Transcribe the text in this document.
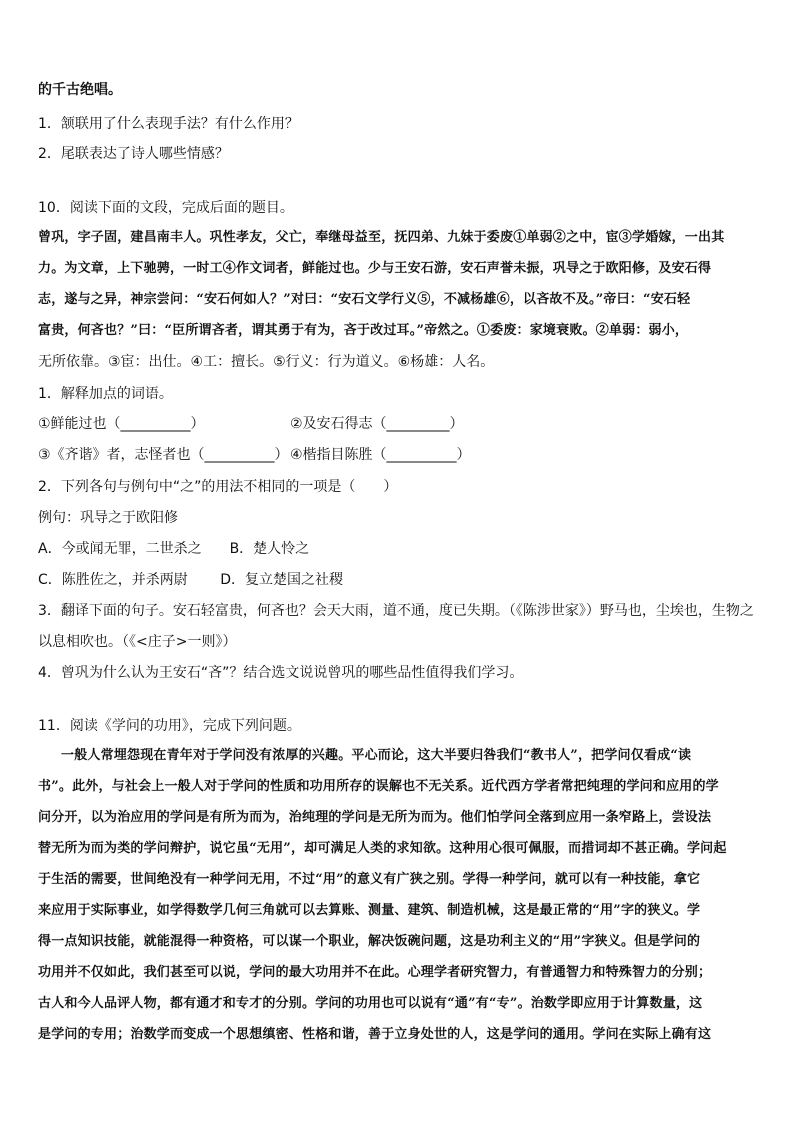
的千古绝唱。
1．颔联用了什么表现手法？有什么作用？
2．尾联表达了诗人哪些情感？
10．阅读下面的文段，完成后面的题目。
曾巩，字子固，建昌南丰人。巩性孝友，父亡，奉继母益至，抚四弟、九妹于委废①单弱②之中，宦③学婚嫁，一出其
力。为文章，上下驰骋，一时工④作文词者，鲜能过也。少与王安石游，安石声誉未振，巩导之于欧阳修，及安石得
志，遂与之异，神宗尝问：“安石何如人？”对曰：“安石文学行义⑤，不减杨雄⑥，以吝故不及。”帝曰：“安石轻
富贵，何吝也？”曰：“臣所谓吝者，谓其勇于有为，吝于改过耳。”帝然之。①委废：家境衰败。②单弱：弱小，
无所依靠。③宦：出仕。④工：擅长。⑤行义：行为道义。⑥杨雄：人名。
1．解释加点的词语。
①鲜能过也（__________）	②及安石得志（_________）
③《齐谐》者，志怪者也（__________） ④楷指目陈胜（__________）
2．下列各句与例句中“之”的用法不相同的一项是（　　）
例句：巩导之于欧阳修
A．今或闻无罪，二世杀之　　B．楚人怜之
C．陈胜佐之，并杀两尉　　 D．复立楚国之社稷
3．翻译下面的句子。安石轻富贵，何吝也？会天大雨，道不通，度已失期。（《陈涉世家》）野马也，尘埃也，生物之
以息相吹也。（《<庄子>一则》）
4．曾巩为什么认为王安石“吝”？结合选文说说曾巩的哪些品性值得我们学习。
11．阅读《学问的功用》，完成下列问题。
一般人常埋怨现在青年对于学问没有浓厚的兴趣。平心而论，这大半要归咎我们“教书人”，把学问仅看成“读
书”。此外，与社会上一般人对于学问的性质和功用所存的误解也不无关系。近代西方学者常把纯理的学问和应用的学
问分开，以为治应用的学问是有所为而为，治纯理的学问是无所为而为。他们怕学问全落到应用一条窄路上，尝设法
替无所为而为类的学问辩护，说它虽“无用”，却可满足人类的求知欲。这种用心很可佩服，而措词却不甚正确。学问起
于生活的需要，世间绝没有一种学问无用，不过“用”的意义有广狭之别。学得一种学问，就可以有一种技能，拿它
来应用于实际事业，如学得数学几何三角就可以去算账、测量、建筑、制造机械，这是最正常的“用”字的狭义。学
得一点知识技能，就能混得一种资格，可以谋一个职业，解决饭碗问题，这是功利主义的“用”字狭义。但是学问的
功用并不仅如此，我们甚至可以说，学问的最大功用并不在此。心理学者研究智力，有普通智力和特殊智力的分别；
古人和今人品评人物，都有通才和专才的分别。学问的功用也可以说有“通”有“专”。治数学即应用于计算数量，这
是学问的专用；治数学而变成一个思想缜密、性格和谐，善于立身处世的人，这是学问的通用。学问在实际上确有这
